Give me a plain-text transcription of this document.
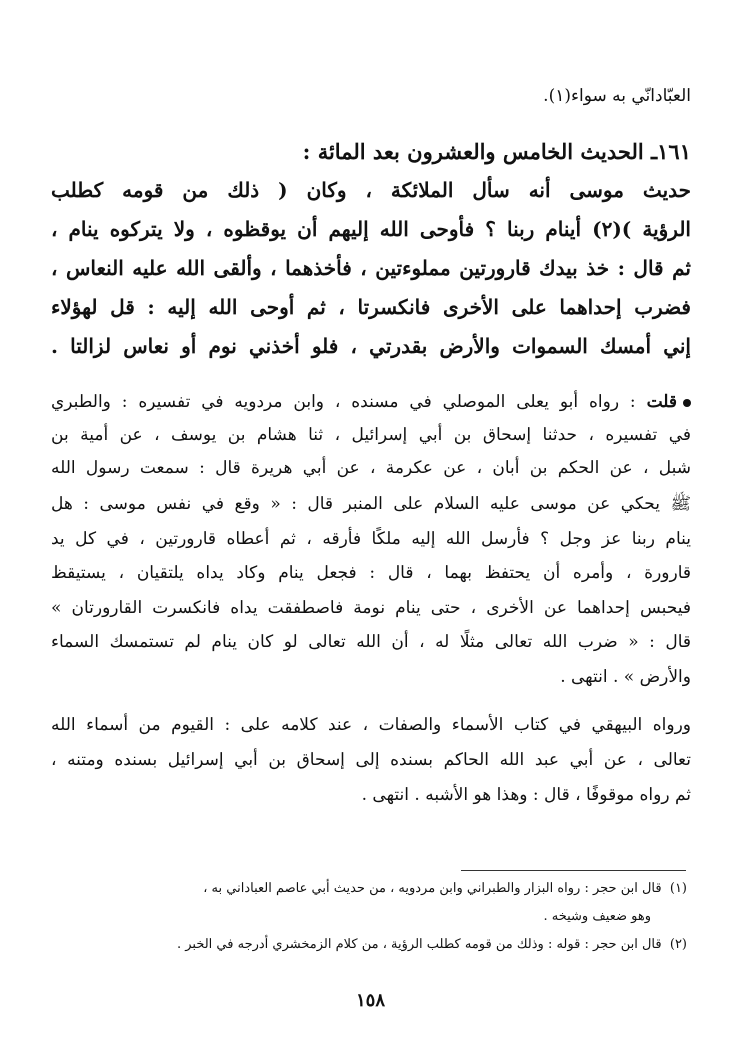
العبّادانّي به سواء(١).
١٦١ـ الحديث الخامس والعشرون بعد المائة :
حديث موسى أنه سأل الملائكة ، وكان ( ذلك من قومه كطلب
الرؤية )(٢) أينام ربنا ؟ فأوحى الله إليهم أن يوقظوه ، ولا يتركوه ينام ،
ثم قال : خذ بيدك قارورتين مملوءتين ، فأخذهما ، وألقى الله عليه النعاس ،
فضرب إحداهما على الأخرى فانكسرتا ، ثم أوحى الله إليه : قل لهؤلاء
إني أمسك السموات والأرض بقدرتي ، فلو أخذني نوم أو نعاس لزالتا .
قلت : رواه أبو يعلى الموصلي في مسنده ، وابن مردويه في تفسيره : والطبري
في تفسيره ، حدثنا إسحاق بن أبي إسرائيل ، ثنا هشام بن يوسف ، عن أمية بن
شبل ، عن الحكم بن أبان ، عن عكرمة ، عن أبي هريرة قال : سمعت رسول الله
ﷺ يحكي عن موسى عليه السلام على المنبر قال : « وقع في نفس موسى : هل
ينام ربنا عز وجل ؟ فأرسل الله إليه ملكًا فأرقه ، ثم أعطاه قارورتين ، في كل يد
قارورة ، وأمره أن يحتفظ بهما ، قال : فجعل ينام وكاد يداه يلتقيان ، يستيقظ
فيحبس إحداهما عن الأخرى ، حتى ينام نومة فاصطفقت يداه فانكسرت القارورتان »
قال : « ضرب الله تعالى مثلًا له ، أن الله تعالى لو كان ينام لم تستمسك السماء
والأرض » . انتهى .
ورواه البيهقي في كتاب الأسماء والصفات ، عند كلامه على : القيوم من أسماء الله
تعالى ، عن أبي عبد الله الحاكم بسنده إلى إسحاق بن أبي إسرائيل بسنده ومتنه ،
ثم رواه موقوفًا ، قال : وهذا هو الأشبه . انتهى .
(١)  قال ابن حجر : رواه البزار والطبراني وابن مردويه ، من حديث أبي عاصم العباداني به ،
وهو ضعيف وشيخه .
(٢)  قال ابن حجر : قوله : وذلك من قومه كطلب الرؤية ، من كلام الزمخشري أدرجه في الخبر .
١٥٨
